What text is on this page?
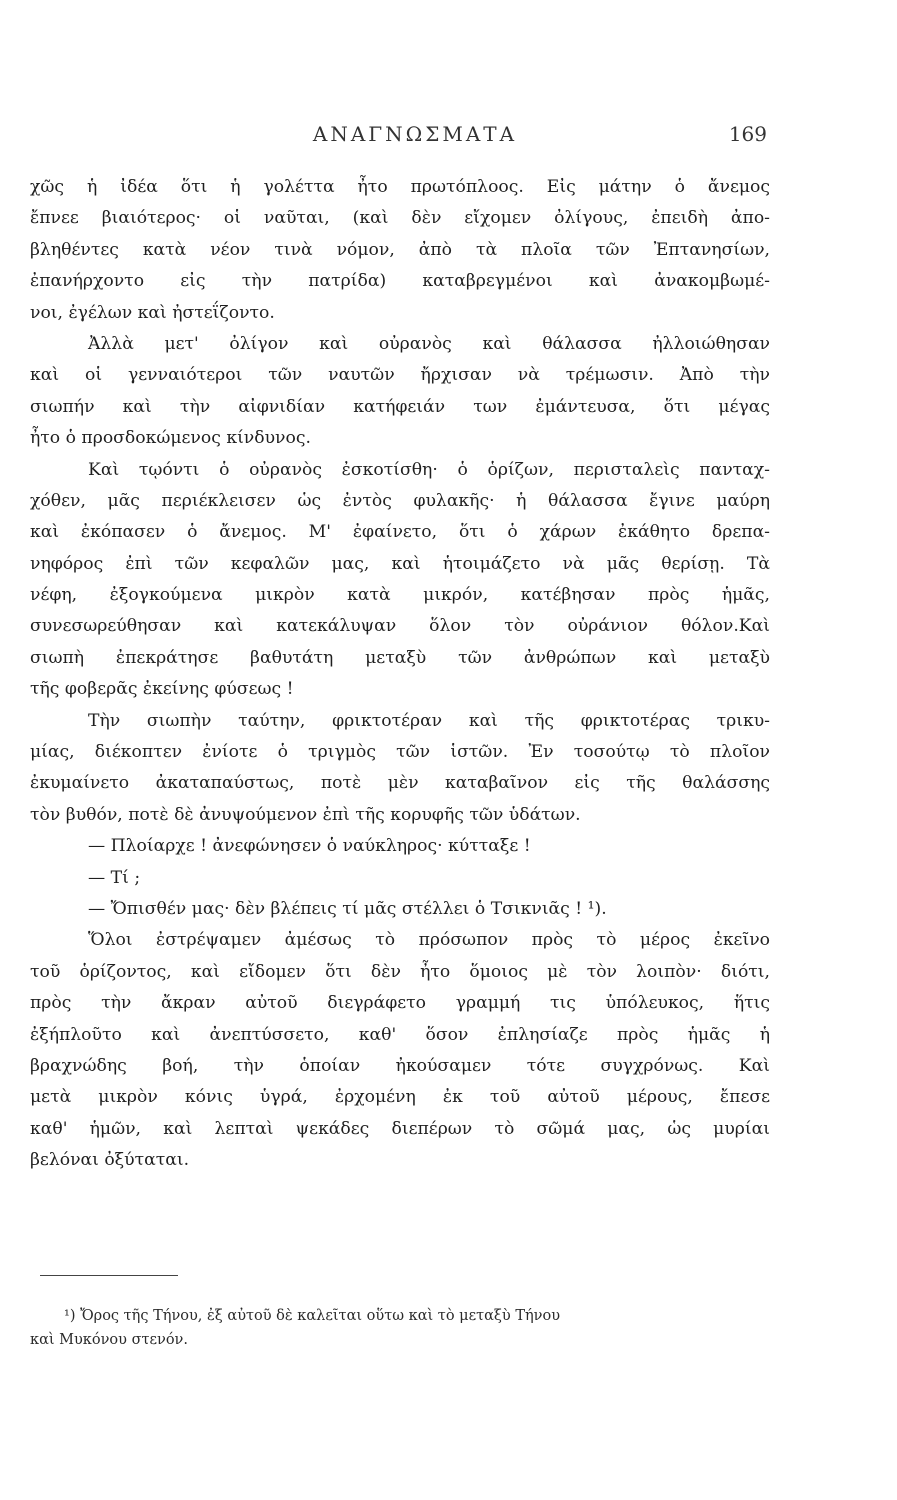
ΑΝΑΓΝΩΣΜΑΤΑ	169
χῶς ἡ ἰδέα ὅτι ἡ γολέττα ἦτο πρωτόπλοος. Εἰς μάτην ὁ ἄνεμος
ἔπνεε βιαιότερος· οἱ ναῦται, (καὶ δὲν εἴχομεν ὀλίγους, ἐπειδὴ ἀπο-
βληθέντες κατὰ νέον τινὰ νόμον, ἀπὸ τὰ πλοῖα τῶν Ἐπτανησίων,
ἐπανήρχοντο εἰς τὴν πατρίδα) καταβρεγμένοι καὶ ἀνακομβωμέ-
νοι, ἐγέλων καὶ ἠστεΐζοντο.
Ἀλλὰ μετ' ὀλίγον καὶ οὐρανὸς καὶ θάλασσα ἠλλοιώθησαν
καὶ οἱ γενναιότεροι τῶν ναυτῶν ἤρχισαν νὰ τρέμωσιν. Ἀπὸ τὴν
σιωπήν καὶ τὴν αἰφνιδίαν κατήφειάν των ἐμάντευσα, ὅτι μέγας
ἦτο ὁ προσδοκώμενος κίνδυνος.
Καὶ τῳόντι ὁ οὐρανὸς ἐσκοτίσθη· ὁ ὁρίζων, περισταλεὶς πανταχ-
χόθεν, μᾶς περιέκλεισεν ὡς ἐντὸς φυλακῆς· ἡ θάλασσα ἔγινε μαύρη
καὶ ἐκόπασεν ὁ ἄνεμος. Μ' ἐφαίνετο, ὅτι ὁ χάρων ἐκάθητο δρεπα-
νηφόρος ἐπὶ τῶν κεφαλῶν μας, καὶ ἡτοιμάζετο νὰ μᾶς θερίσῃ. Τὰ
νέφη, ἐξογκούμενα μικρὸν κατὰ μικρόν, κατέβησαν πρὸς ἡμᾶς,
συνεσωρεύθησαν καὶ κατεκάλυψαν ὅλον τὸν οὐράνιον θόλον.Καὶ
σιωπὴ ἐπεκράτησε βαθυτάτη μεταξὺ τῶν ἀνθρώπων καὶ μεταξὺ
τῆς φοβερᾶς ἐκείνης φύσεως !
Τὴν σιωπὴν ταύτην, φρικτοτέραν καὶ τῆς φρικτοτέρας τρικυ-
μίας, διέκοπτεν ἐνίοτε ὁ τριγμὸς τῶν ἱστῶν. Ἐν τοσούτῳ τὸ πλοῖον
ἐκυμαίνετο ἀκαταπαύστως, ποτὲ μὲν καταβαῖνον εἰς τῆς θαλάσσης
τὸν βυθόν, ποτὲ δὲ ἀνυψούμενον ἐπὶ τῆς κορυφῆς τῶν ὑδάτων.
— Πλοίαρχε ! ἀνεφώνησεν ὁ ναύκληρος· κύτταξε !
— Τί ;
— Ὄπισθέν μας· δὲν βλέπεις τί μᾶς στέλλει ὁ Τσικνιᾶς ! ¹).
Ὅλοι ἐστρέψαμεν ἀμέσως τὸ πρόσωπον πρὸς τὸ μέρος ἐκεῖνο
τοῦ ὁρίζοντος, καὶ εἴδομεν ὅτι δὲν ἦτο ὅμοιος μὲ τὸν λοιπὸν· διότι,
πρὸς τὴν ἄκραν αὐτοῦ διεγράφετο γραμμή τις ὑπόλευκος, ἥτις
ἐξήπλοῦτο καὶ ἀνεπτύσσετο, καθ' ὅσον ἐπλησίαζε πρὸς ἡμᾶς ἡ
βραχνώδης βοή, τὴν ὁποίαν ἠκούσαμεν τότε συγχρόνως. Καὶ
μετὰ μικρὸν κόνις ὑγρά, ἐρχομένη ἐκ τοῦ αὐτοῦ μέρους, ἔπεσε
καθ' ἡμῶν, καὶ λεπταὶ ψεκάδες διεπέρων τὸ σῶμά μας, ὡς μυρίαι
βελόναι ὀξύταται.
¹) Ὄρος τῆς Τήνου, ἐξ αὐτοῦ δὲ καλεῖται οὕτω καὶ τὸ μεταξὺ Τήνου
καὶ Μυκόνου στενόν.
